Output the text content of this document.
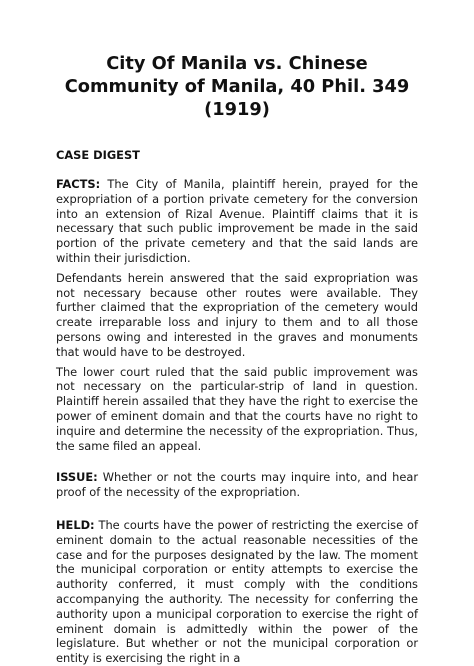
City Of Manila vs. Chinese Community of Manila, 40 Phil. 349 (1919)
CASE DIGEST

FACTS: The City of Manila, plaintiff herein, prayed for the expropriation of a portion private cemetery for the conversion into an extension of Rizal Avenue. Plaintiff claims that it is necessary that such public improvement be made in the said portion of the private cemetery and that the said lands are within their jurisdiction.

Defendants herein answered that the said expropriation was not necessary because other routes were available. They further claimed that the expropriation of the cemetery would create irreparable loss and injury to them and to all those persons owing and interested in the graves and monuments that would have to be destroyed.

The lower court ruled that the said public improvement was not necessary on the particular-strip of land in question. Plaintiff herein assailed that they have the right to exercise the power of eminent domain and that the courts have no right to inquire and determine the necessity of the expropriation. Thus, the same filed an appeal.

ISSUE: Whether or not the courts may inquire into, and hear proof of the necessity of the expropriation.

HELD: The courts have the power of restricting the exercise of eminent domain to the actual reasonable necessities of the case and for the purposes designated by the law. The moment the municipal corporation or entity attempts to exercise the authority conferred, it must comply with the conditions accompanying the authority. The necessity for conferring the authority upon a municipal corporation to exercise the right of eminent domain is admittedly within the power of the legislature. But whether or not the municipal corporation or entity is exercising the right in a
